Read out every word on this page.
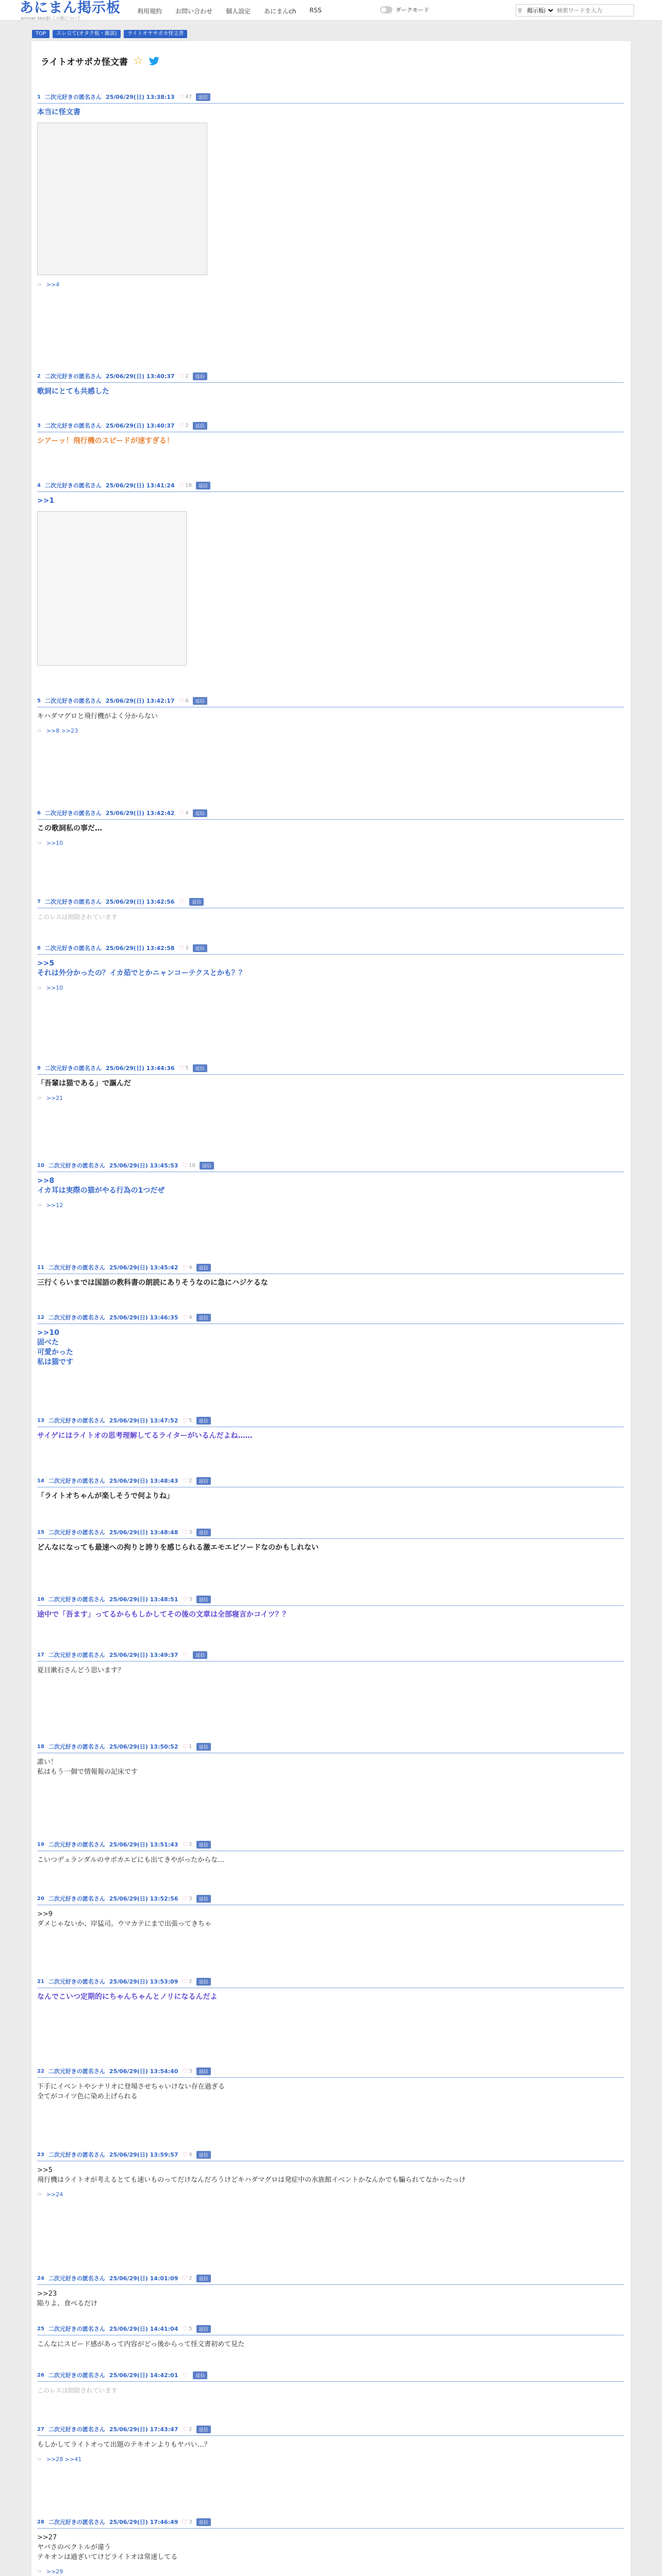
あにまん掲示板
animan bbs(β) この板について
利用規約 お問い合わせ 個人設定 あにまんch RSS	ダークモード	⚲
掲示板内
検索ワードを入力
TOP	スレ立て(オタク板・雑談)	ライトオヤサポカ怪文書
ライトオサポカ怪文書 ☆
1 二次元好きの匿名さん 25/06/29(日) 13:38:13 ♡ 47	返信
本当に怪文書
☞ >>4
2 二次元好きの匿名さん 25/06/29(日) 13:40:37 ♡ 2	返信
歌詞にとても共感した
3 二次元好きの匿名さん 25/06/29(日) 13:40:37 ♡ 2	返信
シアーッ！飛行機のスピードが速すぎる！
4 二次元好きの匿名さん 25/06/29(日) 13:41:24 ♡ 18	返信
>>1
5 二次元好きの匿名さん 25/06/29(日) 13:42:17 ♡ 6	返信
キハダマグロと飛行機がよく分からない
☞ >>8 >>23
6 二次元好きの匿名さん 25/06/29(日) 13:42:42 ♡ 4	返信
この歌詞私の事だ…
☞ >>10
7 二次元好きの匿名さん 25/06/29(日) 13:42:56 ♡	返信
このレスは削除されています
8 二次元好きの匿名さん 25/06/29(日) 13:42:58 ♡ 3	返信
>>5
それは外分かったの？イカ茹でとかニャンコーテクスとかも？？
☞ >>10
9 二次元好きの匿名さん 25/06/29(日) 13:44:36 ♡ 5	返信
「吾輩は猫である」で謳んだ
☞ >>21
10 二次元好きの匿名さん 25/06/29(日) 13:45:53 ♡ 18	返信
>>8
イカ耳は実際の猫がやる行為の1つだぜ
☞ >>12
11 二次元好きの匿名さん 25/06/29(日) 13:45:42 ♡ 4	返信
三行くらいまでは国語の教科書の朗読にありそうなのに急にハジケるな
12 二次元好きの匿名さん 25/06/29(日) 13:46:35 ♡ 4	返信
>>10
固べた
可愛かった
私は猫です
13 二次元好きの匿名さん 25/06/29(日) 13:47:52 ♡ 5	返信
サイゲにはライトオの思考理解してるライターがいるんだよね……
14 二次元好きの匿名さん 25/06/29(日) 13:48:43 ♡ 2	返信
「ライトオちゃんが楽しそうで何よりね」
15 二次元好きの匿名さん 25/06/29(日) 13:48:48 ♡ 3	返信
どんなになっても最速への拘りと誇りを感じられる激エモエピソードなのかもしれない
16 二次元好きの匿名さん 25/06/29(日) 13:48:51 ♡ 3	返信
途中で「吾ます」ってるからもしかしてその後の文章は全部寝言かコイツ？？
17 二次元好きの匿名さん 25/06/29(日) 13:49:37 ♡	返信
夏目漱石さんどう思います？
18 二次元好きの匿名さん 25/06/29(日) 13:50:52 ♡ 1	返信
誰い！
私はもう一個で情報報の記床です
19 二次元好きの匿名さん 25/06/29(日) 13:51:43 ♡ 2	返信
こいつデュランダルのサポカエピにも出てきやがったからな…
20 二次元好きの匿名さん 25/06/29(日) 13:52:56 ♡ 3	返信
>>9
ダメじゃないか、岸猛司。ウマカテにまで出張ってきちゃ
21 二次元好きの匿名さん 25/06/29(日) 13:53:09 ♡ 2	返信
なんでこいつ定期的にちゃんちゃんとノリになるんだよ
22 二次元好きの匿名さん 25/06/29(日) 13:54:40 ♡ 3	返信
下手にイベントやシナリオに登場させちゃいけない存在過ぎる
全てがコイツ色に染め上げられる
23 二次元好きの匿名さん 25/06/29(日) 13:59:57 ♡ 4	返信
>>5
飛行機はライトオが考えるとても速いものってだけなんだろうけどキハダマグロは発症中の水族館イベントかなんかでも騙られてなかったっけ
☞ >>24
24 二次元好きの匿名さん 25/06/29(日) 14:01:09 ♡ 2	返信
>>23
陥りよ、食べるだけ
25 二次元好きの匿名さん 25/06/29(日) 14:41:04 ♡ 5	返信
こんなにスピード感があって内容がどっ後からって怪文書初めて見た
26 二次元好きの匿名さん 25/06/29(日) 14:42:01 ♡	返信
このレスは削除されています
27 二次元好きの匿名さん 25/06/29(日) 17:43:47 ♡ 2	返信
もしかしてライトオって出題のテキオンよりもヤバい…？
☞ >>28 >>41
28 二次元好きの匿名さん 25/06/29(日) 17:46:49 ♡ 3	返信
>>27
ヤバさのベクトルが違う
テキオンは過ぎいてけどライトオは常速してる
☞ >>29
